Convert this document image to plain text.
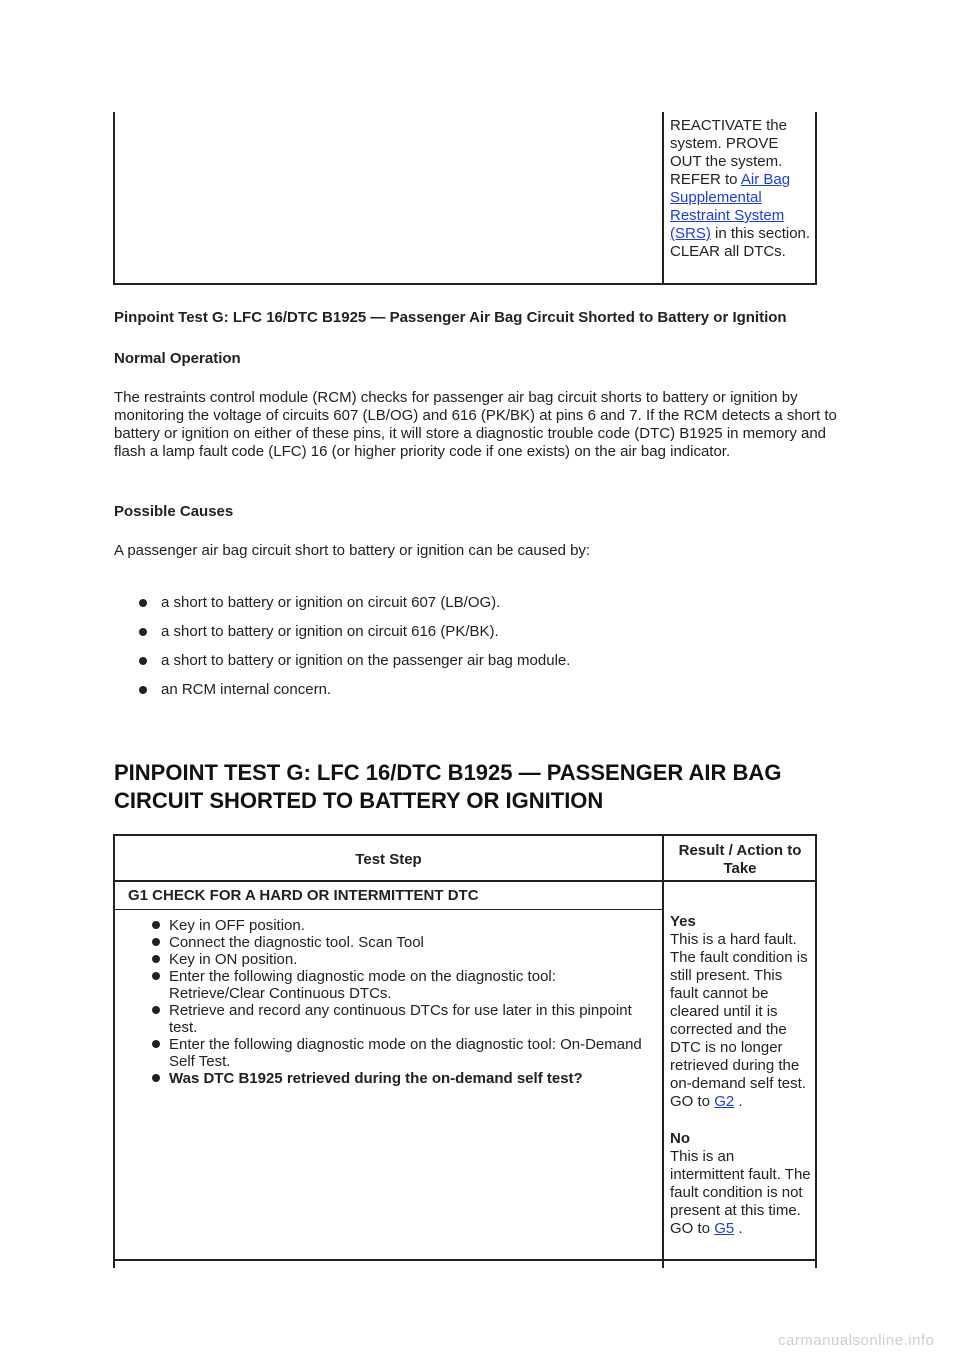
REACTIVATE the system. PROVE OUT the system. REFER to Air Bag Supplemental Restraint System (SRS) in this section. CLEAR all DTCs.
Pinpoint Test G: LFC 16/DTC B1925 — Passenger Air Bag Circuit Shorted to Battery or Ignition
Normal Operation
The restraints control module (RCM) checks for passenger air bag circuit shorts to battery or ignition by monitoring the voltage of circuits 607 (LB/OG) and 616 (PK/BK) at pins 6 and 7. If the RCM detects a short to battery or ignition on either of these pins, it will store a diagnostic trouble code (DTC) B1925 in memory and flash a lamp fault code (LFC) 16 (or higher priority code if one exists) on the air bag indicator.
Possible Causes
A passenger air bag circuit short to battery or ignition can be caused by:
a short to battery or ignition on circuit 607 (LB/OG).
a short to battery or ignition on circuit 616 (PK/BK).
a short to battery or ignition on the passenger air bag module.
an RCM internal concern.
PINPOINT TEST G: LFC 16/DTC B1925 — PASSENGER AIR BAG CIRCUIT SHORTED TO BATTERY OR IGNITION
Test Step
Result / Action to Take
G1 CHECK FOR A HARD OR INTERMITTENT DTC
Key in OFF position.
Connect the diagnostic tool. Scan Tool
Key in ON position.
Enter the following diagnostic mode on the diagnostic tool: Retrieve/Clear Continuous DTCs.
Retrieve and record any continuous DTCs for use later in this pinpoint test.
Enter the following diagnostic mode on the diagnostic tool: On-Demand Self Test.
Was DTC B1925 retrieved during the on-demand self test?
Yes
This is a hard fault. The fault condition is still present. This fault cannot be cleared until it is corrected and the DTC is no longer retrieved during the on-demand self test. GO to G2 .
No
This is an intermittent fault. The fault condition is not present at this time. GO to G5 .
carmanualsonline.info
